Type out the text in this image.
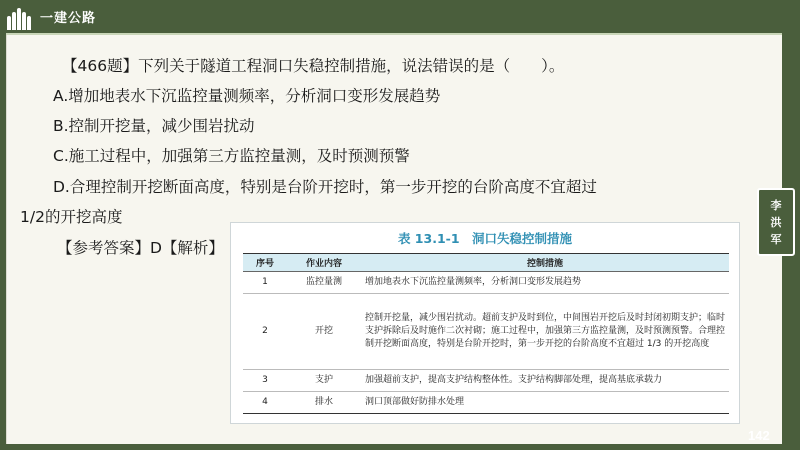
一建公路
【466题】下列关于隧道工程洞口失稳控制措施，说法错误的是（　　）。
A.增加地表水下沉监控量测频率，分析洞口变形发展趋势
B.控制开挖量，减少围岩扰动
C.施工过程中，加强第三方监控量测，及时预测预警
D.合理控制开挖断面高度，特别是台阶开挖时，第一步开挖的台阶高度不宜超过
1/2的开挖高度
【参考答案】D【解析】
表 13.1-1　洞口失稳控制措施
序号	作业内容	控制措施
1	监控量测	增加地表水下沉监控量测频率，分析洞口变形发展趋势
2	开挖	控制开挖量，减少围岩扰动。超前支护及时到位，中间围岩开挖后及时封闭初期支护；临时支护拆除后及时施作二次衬砌；施工过程中，加强第三方监控量测，及时预测预警。合理控制开挖断面高度，特别是台阶开挖时，第一步开挖的台阶高度不宜超过 1/3 的开挖高度
3	支护	加强超前支护，提高支护结构整体性。支护结构脚部处理，提高基底承载力
4	排水	洞口顶部做好防排水处理
李
洪
军
142
